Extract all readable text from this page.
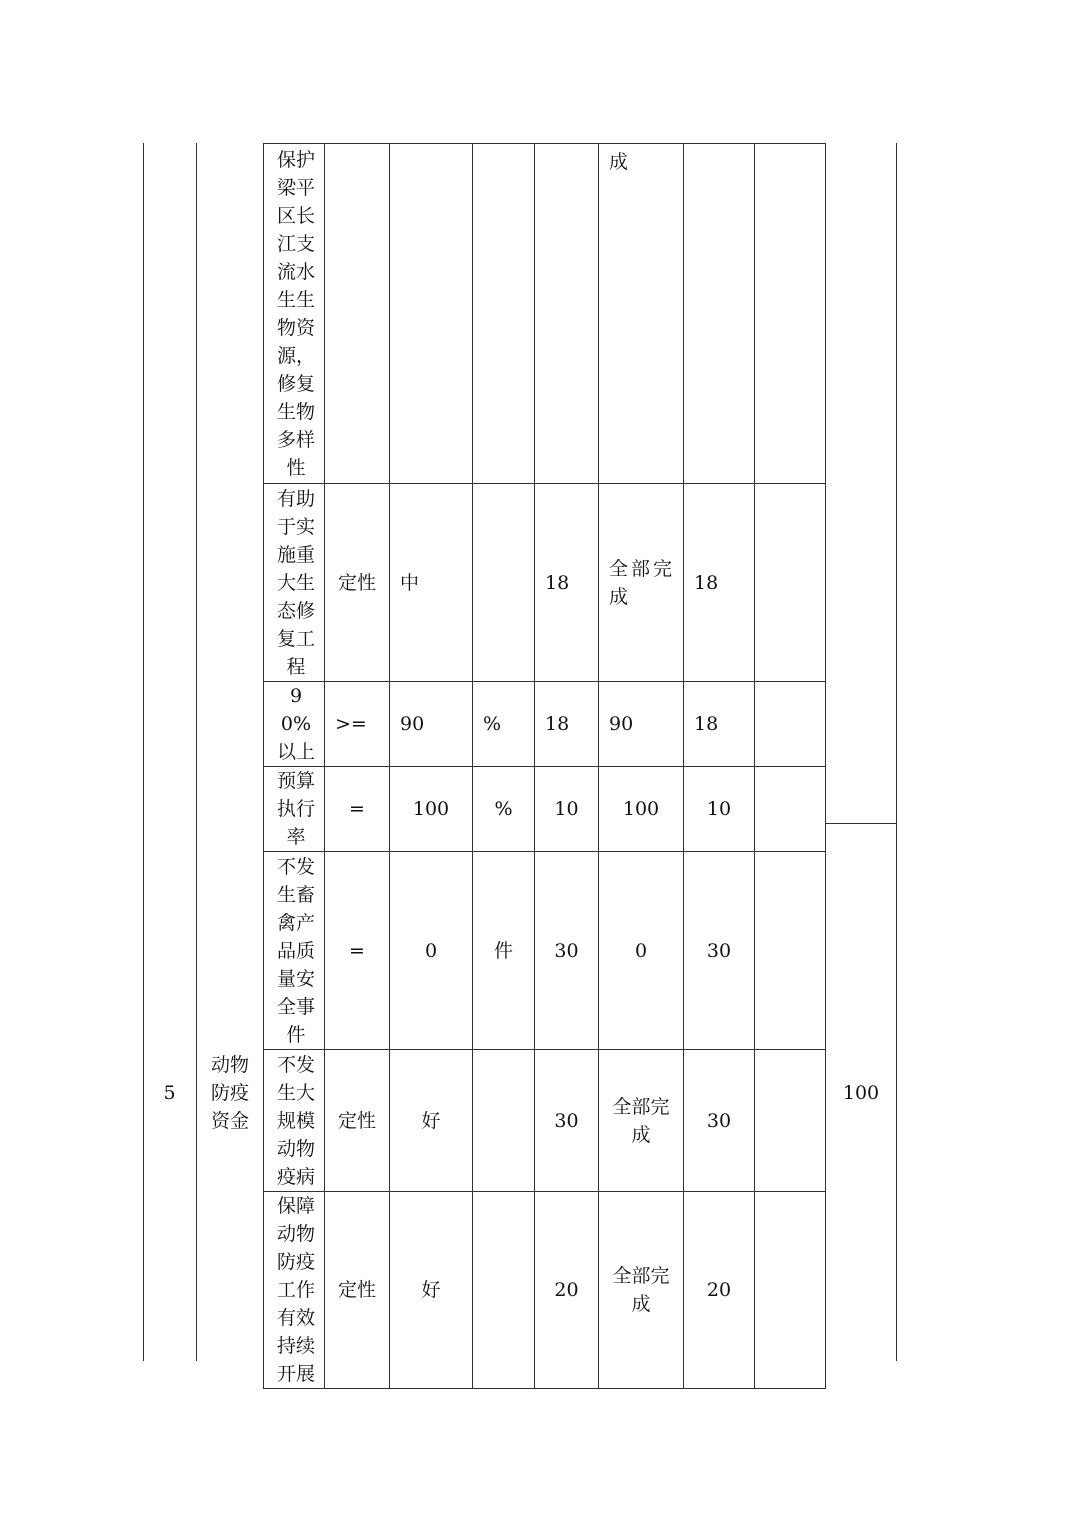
5
动物防疫资金
100
保护梁平区长江支流水生生物资源，修复生物多样性					成		

有助于实施重大生态修复工程	定性	中		18	全部完成	18	

90%以上	>=	90	%	18	90	18	

预算执行率	=	100	%	10	100	10	

不发生畜禽产品质量安全事件	=	0	件	30	0	30	

不发生大规模动物疫病	定性	好		30	全部完成	30	

保障动物防疫工作有效持续开展	定性	好		20	全部完成	20	
